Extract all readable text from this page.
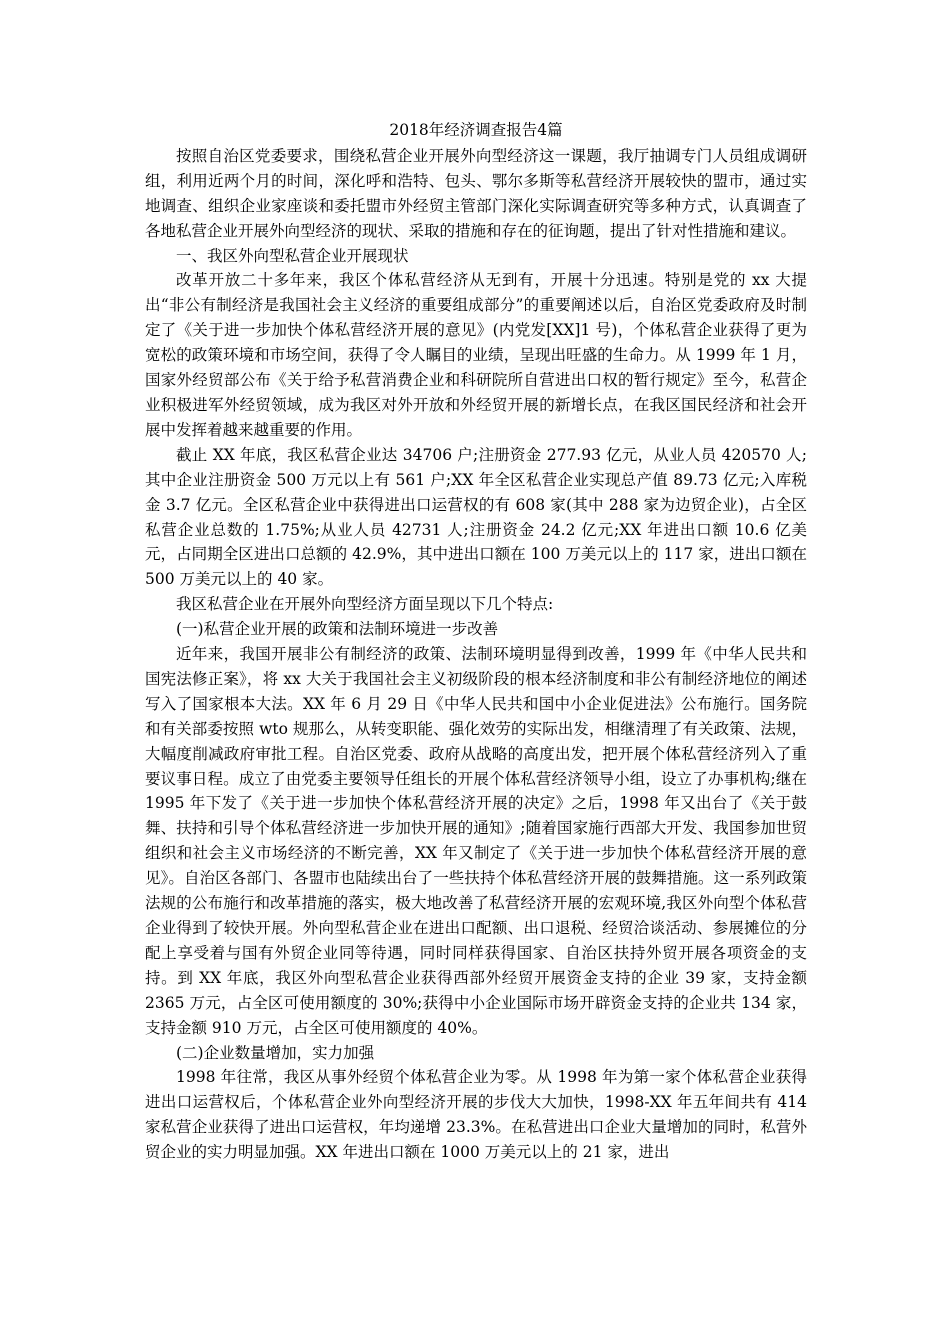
2018年经济调查报告4篇

按照自治区党委要求，围绕私营企业开展外向型经济这一课题，我厅抽调专门人员组成调研组，利用近两个月的时间，深化呼和浩特、包头、鄂尔多斯等私营经济开展较快的盟市，通过实地调查、组织企业家座谈和委托盟市外经贸主管部门深化实际调查研究等多种方式，认真调查了各地私营企业开展外向型经济的现状、采取的措施和存在的征询题，提出了针对性措施和建议。

一、我区外向型私营企业开展现状

改革开放二十多年来，我区个体私营经济从无到有，开展十分迅速。特别是党的 xx 大提出“非公有制经济是我国社会主义经济的重要组成部分”的重要阐述以后，自治区党委政府及时制定了《关于进一步加快个体私营经济开展的意见》(内党发[XX]1 号)，个体私营企业获得了更为宽松的政策环境和市场空间，获得了令人瞩目的业绩，呈现出旺盛的生命力。从 1999 年 1 月，国家外经贸部公布《关于给予私营消费企业和科研院所自营进出口权的暂行规定》至今，私营企业积极进军外经贸领域，成为我区对外开放和外经贸开展的新增长点，在我区国民经济和社会开展中发挥着越来越重要的作用。

截止 XX 年底，我区私营企业达 34706 户;注册资金 277.93 亿元，从业人员 420570 人;其中企业注册资金 500 万元以上有 561 户;XX 年全区私营企业实现总产值 89.73 亿元;入库税金 3.7 亿元。全区私营企业中获得进出口运营权的有 608 家(其中 288 家为边贸企业)，占全区私营企业总数的 1.75%;从业人员 42731 人;注册资金 24.2 亿元;XX 年进出口额 10.6 亿美元，占同期全区进出口总额的 42.9%，其中进出口额在 100 万美元以上的 117 家，进出口额在 500 万美元以上的 40 家。

我区私营企业在开展外向型经济方面呈现以下几个特点:

(一)私营企业开展的政策和法制环境进一步改善

近年来，我国开展非公有制经济的政策、法制环境明显得到改善，1999 年《中华人民共和国宪法修正案》，将 xx 大关于我国社会主义初级阶段的根本经济制度和非公有制经济地位的阐述写入了国家根本大法。XX 年 6 月 29 日《中华人民共和国中小企业促进法》公布施行。国务院和有关部委按照 wto 规那么，从转变职能、强化效劳的实际出发，相继清理了有关政策、法规，大幅度削减政府审批工程。自治区党委、政府从战略的高度出发，把开展个体私营经济列入了重要议事日程。成立了由党委主要领导任组长的开展个体私营经济领导小组，设立了办事机构;继在 1995 年下发了《关于进一步加快个体私营经济开展的决定》之后，1998 年又出台了《关于鼓舞、扶持和引导个体私营经济进一步加快开展的通知》;随着国家施行西部大开发、我国参加世贸组织和社会主义市场经济的不断完善，XX 年又制定了《关于进一步加快个体私营经济开展的意见》。自治区各部门、各盟市也陆续出台了一些扶持个体私营经济开展的鼓舞措施。这一系列政策法规的公布施行和改革措施的落实，极大地改善了私营经济开展的宏观环境,我区外向型个体私营企业得到了较快开展。外向型私营企业在进出口配额、出口退税、经贸洽谈活动、参展摊位的分配上享受着与国有外贸企业同等待遇，同时同样获得国家、自治区扶持外贸开展各项资金的支持。到 XX 年底，我区外向型私营企业获得西部外经贸开展资金支持的企业 39 家，支持金额 2365 万元，占全区可使用额度的 30%;获得中小企业国际市场开辟资金支持的企业共 134 家，支持金额 910 万元，占全区可使用额度的 40%。

(二)企业数量增加，实力加强

1998 年往常，我区从事外经贸个体私营企业为零。从 1998 年为第一家个体私营企业获得进出口运营权后，个体私营企业外向型经济开展的步伐大大加快，1998-XX 年五年间共有 414 家私营企业获得了进出口运营权，年均递增 23.3%。在私营进出口企业大量增加的同时，私营外贸企业的实力明显加强。XX 年进出口额在 1000 万美元以上的 21 家，进出
